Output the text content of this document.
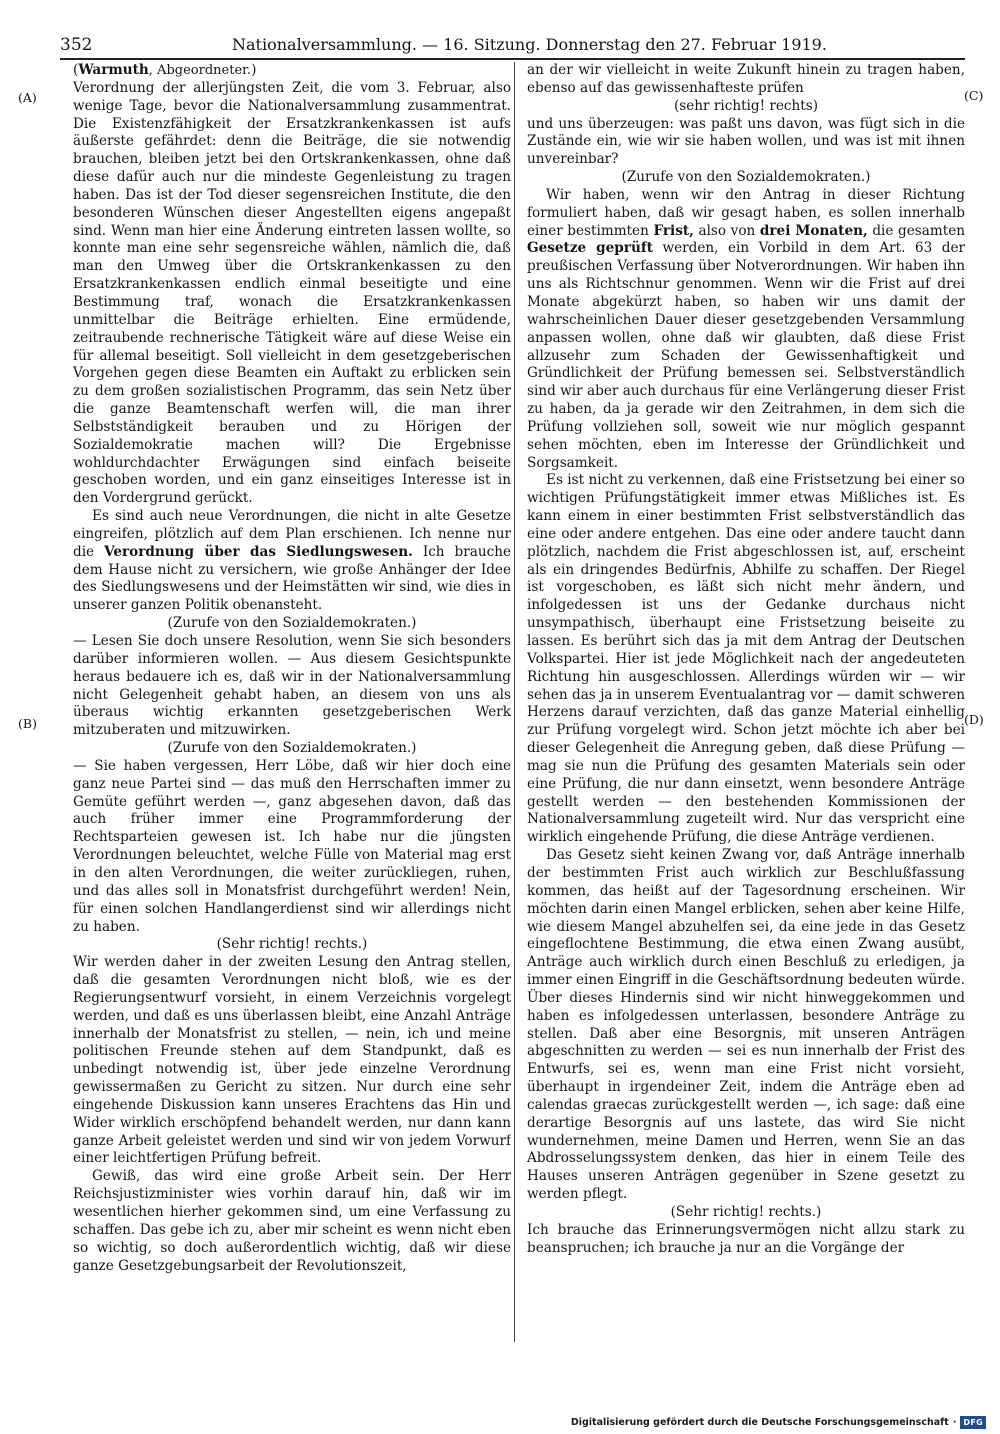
352	Nationalversammlung. — 16. Sitzung. Donnerstag den 27. Februar 1919.
(A)
(B)
(C)
(D)

(Warmuth, Abgeordneter.)

Verordnung der allerjüngsten Zeit, die vom 3. Februar, also wenige Tage, bevor die Nationalversammlung zusammentrat. Die Existenzfähigkeit der Ersatzkrankenkassen ist aufs äußerste gefährdet: denn die Beiträge, die sie notwendig brauchen, bleiben jetzt bei den Ortskrankenkassen, ohne daß diese dafür auch nur die mindeste Gegenleistung zu tragen haben. Das ist der Tod dieser segensreichen Institute, die den besonderen Wünschen dieser Angestellten eigens angepaßt sind. Wenn man hier eine Änderung eintreten lassen wollte, so konnte man eine sehr segensreiche wählen, nämlich die, daß man den Umweg über die Ortskrankenkassen zu den Ersatzkrankenkassen endlich einmal beseitigte und eine Bestimmung traf, wonach die Ersatzkrankenkassen unmittelbar die Beiträge erhielten. Eine ermüdende, zeitraubende rechnerische Tätigkeit wäre auf diese Weise ein für allemal beseitigt. Soll vielleicht in dem gesetzgeberischen Vorgehen gegen diese Beamten ein Auftakt zu erblicken sein zu dem großen sozialistischen Programm, das sein Netz über die ganze Beamtenschaft werfen will, die man ihrer Selbstständigkeit berauben und zu Hörigen der Sozialdemokratie machen will? Die Ergebnisse wohldurchdachter Erwägungen sind einfach beiseite geschoben worden, und ein ganz einseitiges Interesse ist in den Vordergrund gerückt.

Es sind auch neue Verordnungen, die nicht in alte Gesetze eingreifen, plötzlich auf dem Plan erschienen. Ich nenne nur die Verordnung über das Siedlungswesen. Ich brauche dem Hause nicht zu versichern, wie große Anhänger der Idee des Siedlungswesens und der Heimstätten wir sind, wie dies in unserer ganzen Politik obenansteht.

(Zurufe von den Sozialdemokraten.)

— Lesen Sie doch unsere Resolution, wenn Sie sich besonders darüber informieren wollen. — Aus diesem Gesichtspunkte heraus bedauere ich es, daß wir in der Nationalversammlung nicht Gelegenheit gehabt haben, an diesem von uns als überaus wichtig erkannten gesetzgeberischen Werk mitzuberaten und mitzuwirken.

(Zurufe von den Sozialdemokraten.)

— Sie haben vergessen, Herr Löbe, daß wir hier doch eine ganz neue Partei sind — das muß den Herrschaften immer zu Gemüte geführt werden —, ganz abgesehen davon, daß das auch früher immer eine Programmforderung der Rechtsparteien gewesen ist. Ich habe nur die jüngsten Verordnungen beleuchtet, welche Fülle von Material mag erst in den alten Verordnungen, die weiter zurückliegen, ruhen, und das alles soll in Monatsfrist durchgeführt werden! Nein, für einen solchen Handlangerdienst sind wir allerdings nicht zu haben.

(Sehr richtig! rechts.)

Wir werden daher in der zweiten Lesung den Antrag stellen, daß die gesamten Verordnungen nicht bloß, wie es der Regierungsentwurf vorsieht, in einem Verzeichnis vorgelegt werden, und daß es uns überlassen bleibt, eine Anzahl Anträge innerhalb der Monatsfrist zu stellen, — nein, ich und meine politischen Freunde stehen auf dem Standpunkt, daß es unbedingt notwendig ist, über jede einzelne Verordnung gewissermaßen zu Gericht zu sitzen. Nur durch eine sehr eingehende Diskussion kann unseres Erachtens das Hin und Wider wirklich erschöpfend behandelt werden, nur dann kann ganze Arbeit geleistet werden und sind wir von jedem Vorwurf einer leichtfertigen Prüfung befreit.

Gewiß, das wird eine große Arbeit sein. Der Herr Reichsjustizminister wies vorhin darauf hin, daß wir im wesentlichen hierher gekommen sind, um eine Verfassung zu schaffen. Das gebe ich zu, aber mir scheint es wenn nicht eben so wichtig, so doch außerordentlich wichtig, daß wir diese ganze Gesetzgebungsarbeit der Revolutionszeit,

an der wir vielleicht in weite Zukunft hinein zu tragen haben, ebenso auf das gewissenhafteste prüfen

(sehr richtig! rechts)

und uns überzeugen: was paßt uns davon, was fügt sich in die Zustände ein, wie wir sie haben wollen, und was ist mit ihnen unvereinbar?

(Zurufe von den Sozialdemokraten.)

Wir haben, wenn wir den Antrag in dieser Richtung formuliert haben, daß wir gesagt haben, es sollen innerhalb einer bestimmten Frist, also von drei Monaten, die gesamten Gesetze geprüft werden, ein Vorbild in dem Art. 63 der preußischen Verfassung über Notverordnungen. Wir haben ihn uns als Richtschnur genommen. Wenn wir die Frist auf drei Monate abgekürzt haben, so haben wir uns damit der wahrscheinlichen Dauer dieser gesetzgebenden Versammlung anpassen wollen, ohne daß wir glaubten, daß diese Frist allzusehr zum Schaden der Gewissenhaftigkeit und Gründlichkeit der Prüfung bemessen sei. Selbstverständlich sind wir aber auch durchaus für eine Verlängerung dieser Frist zu haben, da ja gerade wir den Zeitrahmen, in dem sich die Prüfung vollziehen soll, soweit wie nur möglich gespannt sehen möchten, eben im Interesse der Gründlichkeit und Sorgsamkeit.

Es ist nicht zu verkennen, daß eine Fristsetzung bei einer so wichtigen Prüfungstätigkeit immer etwas Mißliches ist. Es kann einem in einer bestimmten Frist selbstverständlich das eine oder andere entgehen. Das eine oder andere taucht dann plötzlich, nachdem die Frist abgeschlossen ist, auf, erscheint als ein dringendes Bedürfnis, Abhilfe zu schaffen. Der Riegel ist vorgeschoben, es läßt sich nicht mehr ändern, und infolgedessen ist uns der Gedanke durchaus nicht unsympathisch, überhaupt eine Fristsetzung beiseite zu lassen. Es berührt sich das ja mit dem Antrag der Deutschen Volkspartei. Hier ist jede Möglichkeit nach der angedeuteten Richtung hin ausgeschlossen. Allerdings würden wir — wir sehen das ja in unserem Eventualantrag vor — damit schweren Herzens darauf verzichten, daß das ganze Material einhellig zur Prüfung vorgelegt wird. Schon jetzt möchte ich aber bei dieser Gelegenheit die Anregung geben, daß diese Prüfung — mag sie nun die Prüfung des gesamten Materials sein oder eine Prüfung, die nur dann einsetzt, wenn besondere Anträge gestellt werden — den bestehenden Kommissionen der Nationalversammlung zugeteilt wird. Nur das verspricht eine wirklich eingehende Prüfung, die diese Anträge verdienen.

Das Gesetz sieht keinen Zwang vor, daß Anträge innerhalb der bestimmten Frist auch wirklich zur Beschlußfassung kommen, das heißt auf der Tagesordnung erscheinen. Wir möchten darin einen Mangel erblicken, sehen aber keine Hilfe, wie diesem Mangel abzuhelfen sei, da eine jede in das Gesetz eingeflochtene Bestimmung, die etwa einen Zwang ausübt, Anträge auch wirklich durch einen Beschluß zu erledigen, ja immer einen Eingriff in die Geschäftsordnung bedeuten würde. Über dieses Hindernis sind wir nicht hinweggekommen und haben es infolgedessen unterlassen, besondere Anträge zu stellen. Daß aber eine Besorgnis, mit unseren Anträgen abgeschnitten zu werden — sei es nun innerhalb der Frist des Entwurfs, sei es, wenn man eine Frist nicht vorsieht, überhaupt in irgendeiner Zeit, indem die Anträge eben ad calendas graecas zurückgestellt werden —, ich sage: daß eine derartige Besorgnis auf uns lastete, das wird Sie nicht wundernehmen, meine Damen und Herren, wenn Sie an das Abdrosselungssystem denken, das hier in einem Teile des Hauses unseren Anträgen gegenüber in Szene gesetzt zu werden pflegt.

(Sehr richtig! rechts.)

Ich brauche das Erinnerungsvermögen nicht allzu stark zu beanspruchen; ich brauche ja nur an die Vorgänge der

Digitalisierung gefördert durch die Deutsche Forschungsgemeinschaft · DFG
